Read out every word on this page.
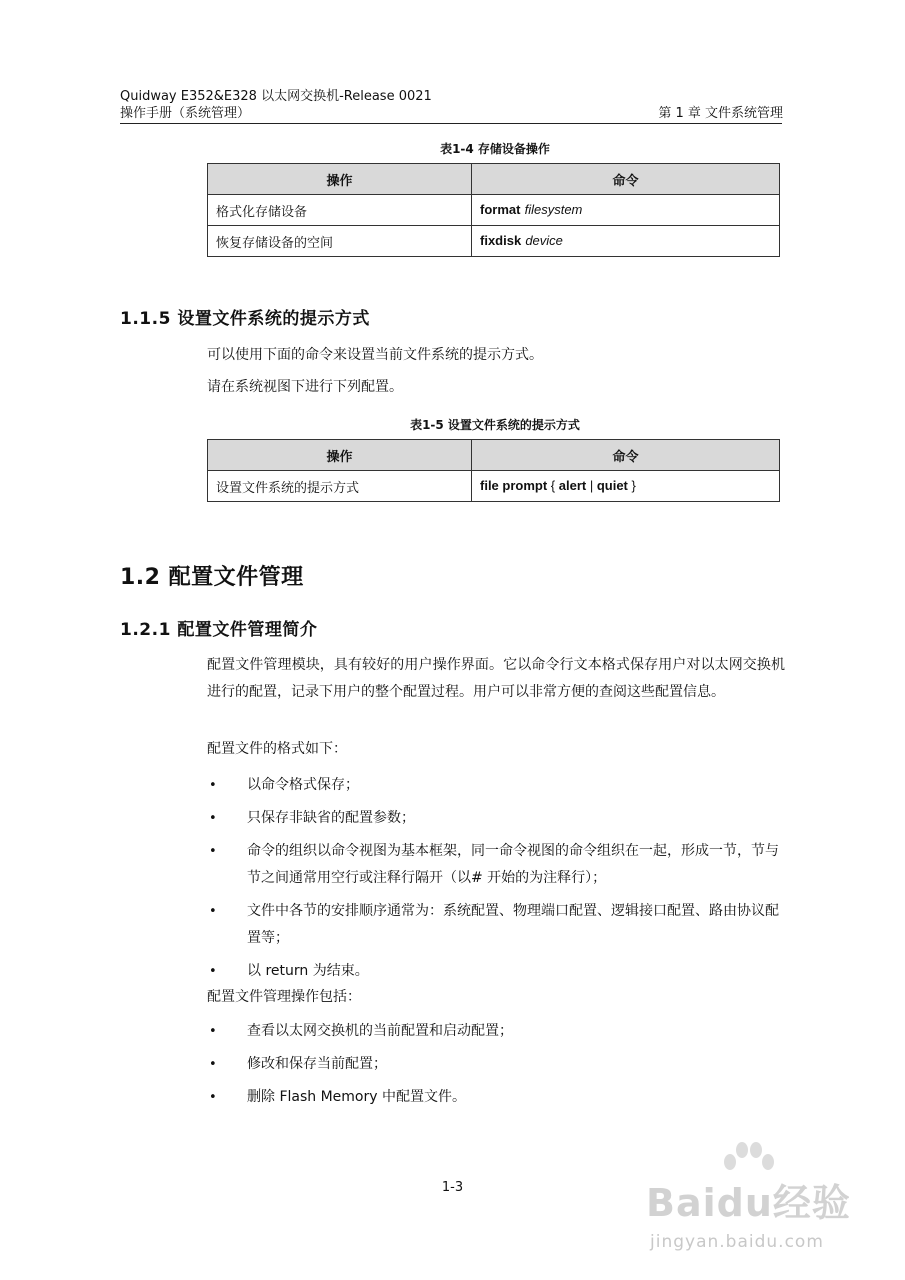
Quidway E352&E328 以太网交换机-Release 0021
操作手册（系统管理）	第 1 章 文件系统管理
表1-4 存储设备操作
操作	命令
格式化存储设备	format filesystem
恢复存储设备的空间	fixdisk device
1.1.5 设置文件系统的提示方式
可以使用下面的命令来设置当前文件系统的提示方式。
请在系统视图下进行下列配置。
表1-5 设置文件系统的提示方式
操作	命令
设置文件系统的提示方式	file prompt { alert | quiet }
1.2 配置文件管理
1.2.1 配置文件管理简介
配置文件管理模块，具有较好的用户操作界面。它以命令行文本格式保存用户对以太网交换机进行的配置，记录下用户的整个配置过程。用户可以非常方便的查阅这些配置信息。
配置文件的格式如下：
• 以命令格式保存；
• 只保存非缺省的配置参数；
• 命令的组织以命令视图为基本框架，同一命令视图的命令组织在一起，形成一节，节与节之间通常用空行或注释行隔开（以# 开始的为注释行）；
• 文件中各节的安排顺序通常为：系统配置、物理端口配置、逻辑接口配置、路由协议配置等；
• 以 return 为结束。
配置文件管理操作包括：
• 查看以太网交换机的当前配置和启动配置；
• 修改和保存当前配置；
• 删除 Flash Memory 中配置文件。
1-3	Baidu经验
jingyan.baidu.com
